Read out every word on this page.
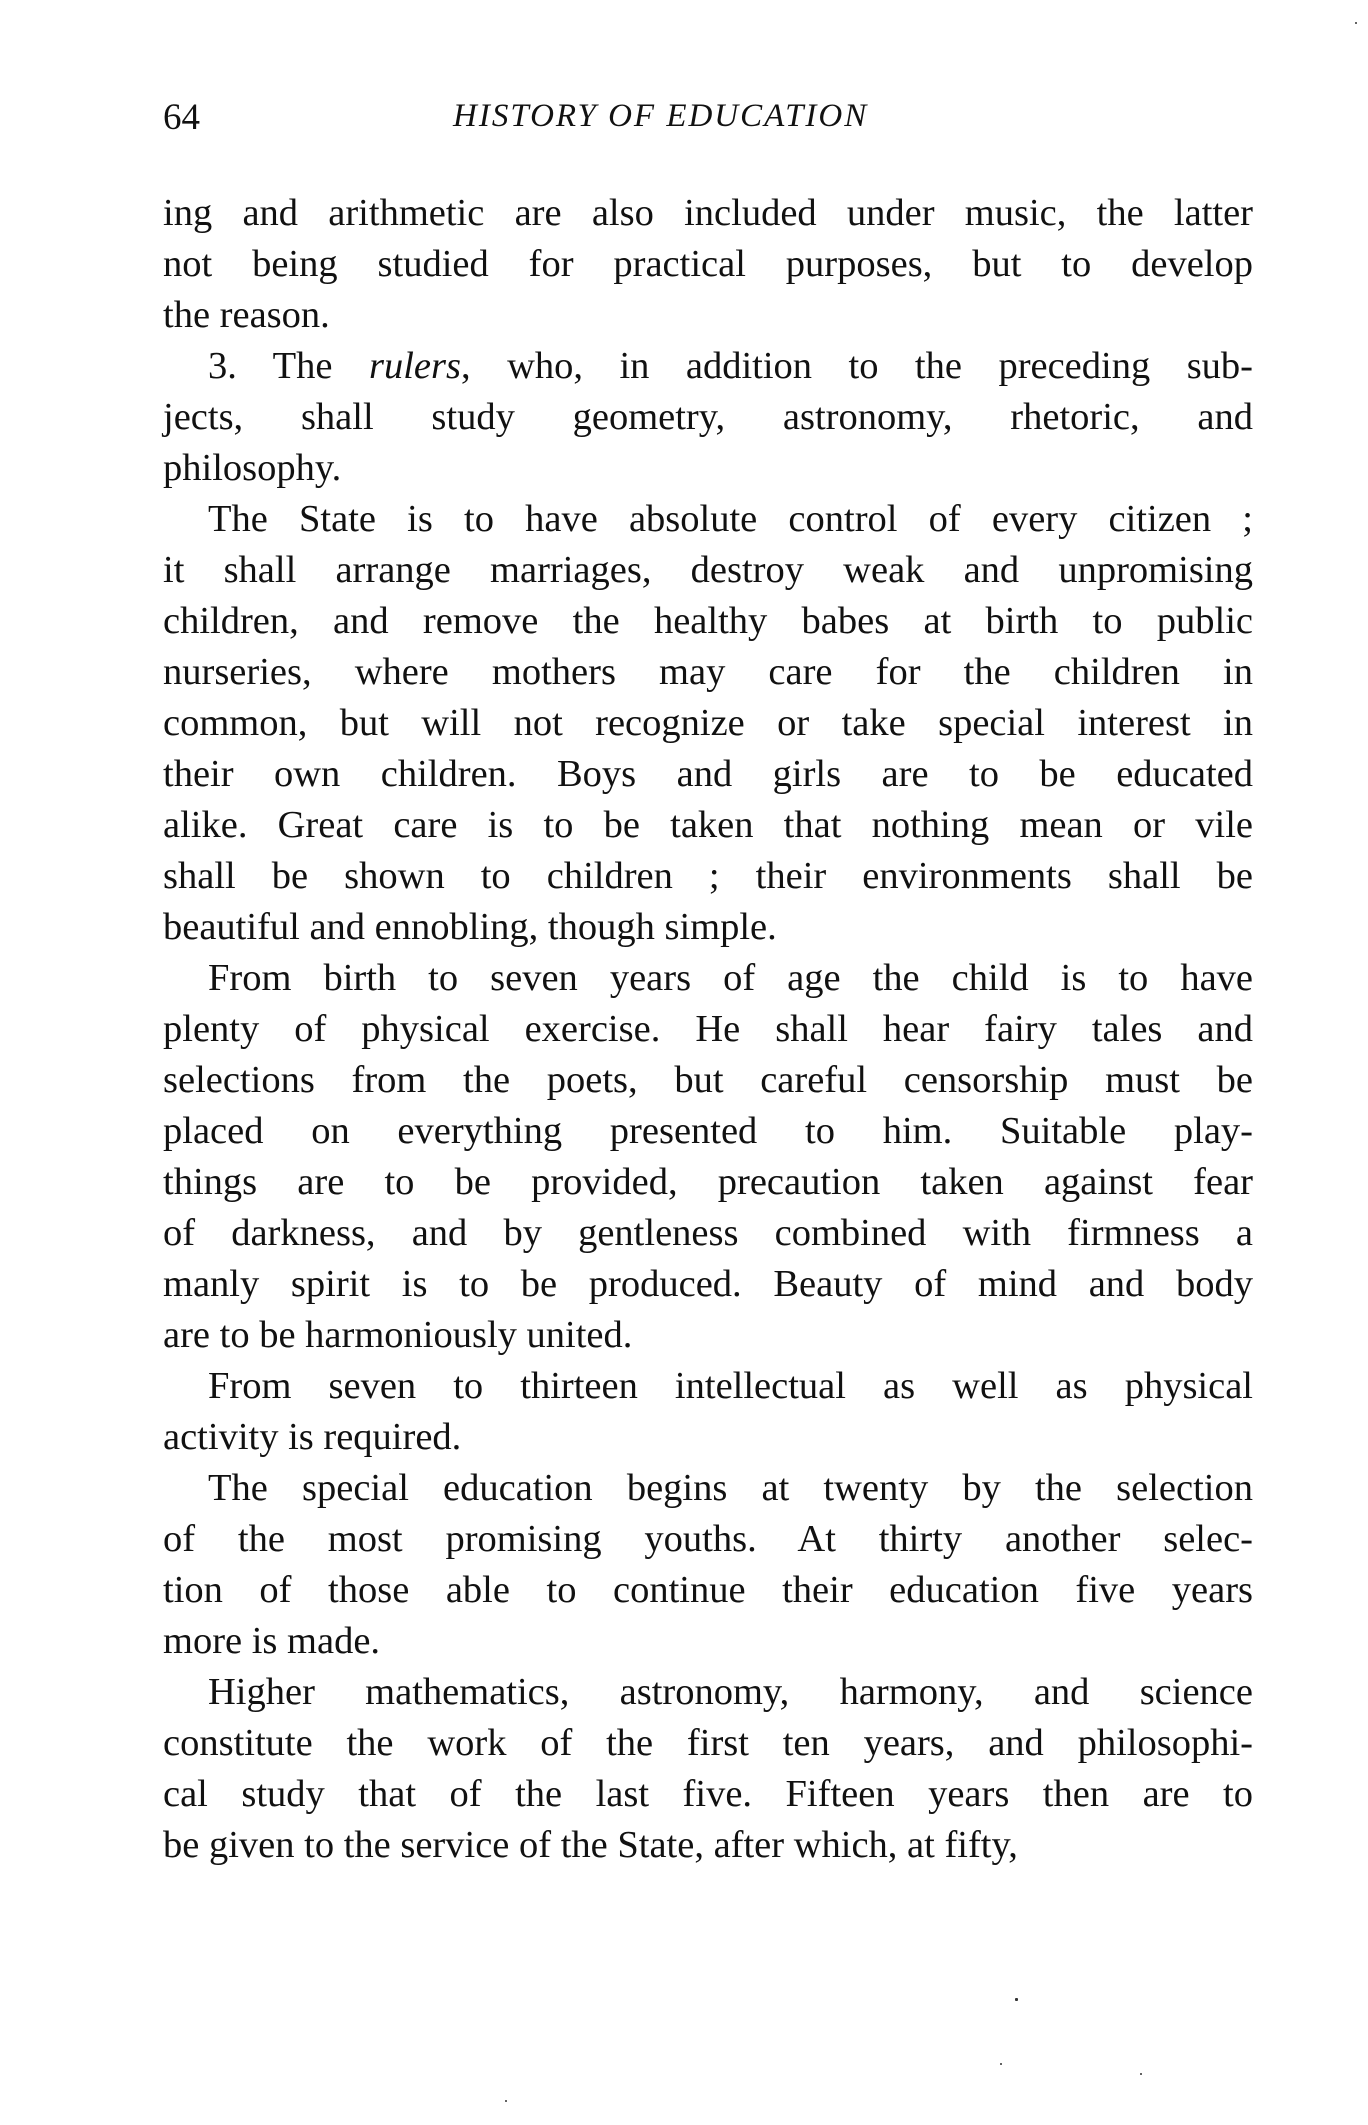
64	HISTORY OF EDUCATION
ing and arithmetic are also included under music, the latter
not being studied for practical purposes, but to develop
the reason.
3. The rulers, who, in addition to the preceding sub-
jects, shall study geometry, astronomy, rhetoric, and
philosophy.
The State is to have absolute control of every citizen ;
it shall arrange marriages, destroy weak and unpromising
children, and remove the healthy babes at birth to public
nurseries, where mothers may care for the children in
common, but will not recognize or take special interest in
their own children. Boys and girls are to be educated
alike. Great care is to be taken that nothing mean or vile
shall be shown to children ; their environments shall be
beautiful and ennobling, though simple.
From birth to seven years of age the child is to have
plenty of physical exercise. He shall hear fairy tales and
selections from the poets, but careful censorship must be
placed on everything presented to him. Suitable play-
things are to be provided, precaution taken against fear
of darkness, and by gentleness combined with firmness a
manly spirit is to be produced. Beauty of mind and body
are to be harmoniously united.
From seven to thirteen intellectual as well as physical
activity is required.
The special education begins at twenty by the selection
of the most promising youths. At thirty another selec-
tion of those able to continue their education five years
more is made.
Higher mathematics, astronomy, harmony, and science
constitute the work of the first ten years, and philosophi-
cal study that of the last five. Fifteen years then are to
be given to the service of the State, after which, at fifty,
